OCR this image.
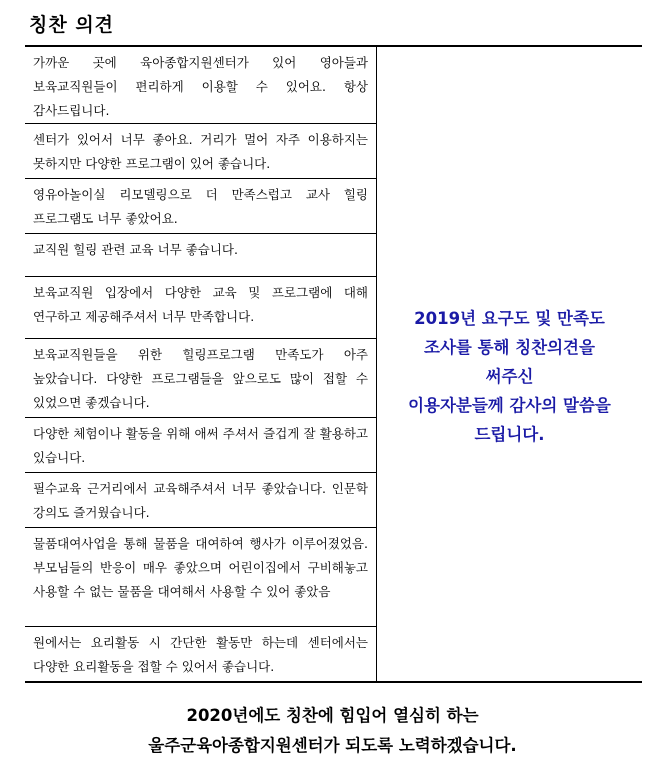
칭찬 의견
가까운 곳에 육아종합지원센터가 있어 영아들과 보육교직원들이 편리하게 이용할 수 있어요. 항상 감사드립니다.

2019년 요구도 및 만족도
조사를 통해 칭찬의견을
써주신
이용자분들께 감사의 말씀을
드립니다.

센터가 있어서 너무 좋아요. 거리가 멀어 자주 이용하지는 못하지만 다양한 프로그램이 있어 좋습니다.

영유아놀이실 리모델링으로 더 만족스럽고 교사 힐링 프로그램도 너무 좋았어요.

교직원 힐링 관련 교육 너무 좋습니다.

보육교직원 입장에서 다양한 교육 및 프로그램에 대해 연구하고 제공해주셔서 너무 만족합니다.

보육교직원들을 위한 힐링프로그램 만족도가 아주 높았습니다. 다양한 프로그램들을 앞으로도 많이 접할 수 있었으면 좋겠습니다.

다양한 체험이나 활동을 위해 애써 주셔서 즐겁게 잘 활용하고 있습니다.

필수교육 근거리에서 교육해주셔서 너무 좋았습니다. 인문학 강의도 즐거웠습니다.

물품대여사업을 통해 물품을 대여하여 행사가 이루어졌었음. 부모님들의 반응이 매우 좋았으며 어린이집에서 구비해놓고 사용할 수 없는 물품을 대여해서 사용할 수 있어 좋았음

원에서는 요리활동 시 간단한 활동만 하는데 센터에서는 다양한 요리활동을 접할 수 있어서 좋습니다.
2020년에도 칭찬에 힘입어 열심히 하는
울주군육아종합지원센터가 되도록 노력하겠습니다.
